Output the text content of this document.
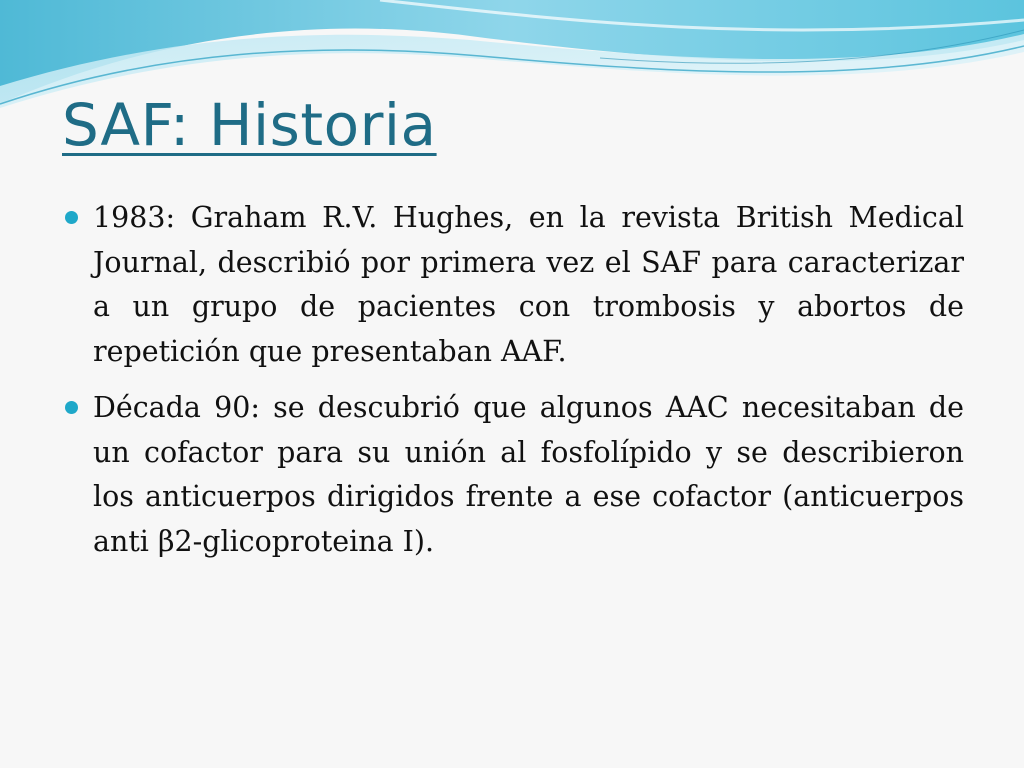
SAF: Historia
1983: Graham R.V. Hughes, en la revista British Medical Journal, describió por primera vez el SAF para caracterizar a un grupo de pacientes con trombosis y abortos de repetición que presentaban AAF.
Década 90: se descubrió que algunos AAC necesitaban de un cofactor para su unión al fosfolípido y se describieron los anticuerpos dirigidos frente a ese cofactor (anticuerpos anti β2-glicoproteina I).
